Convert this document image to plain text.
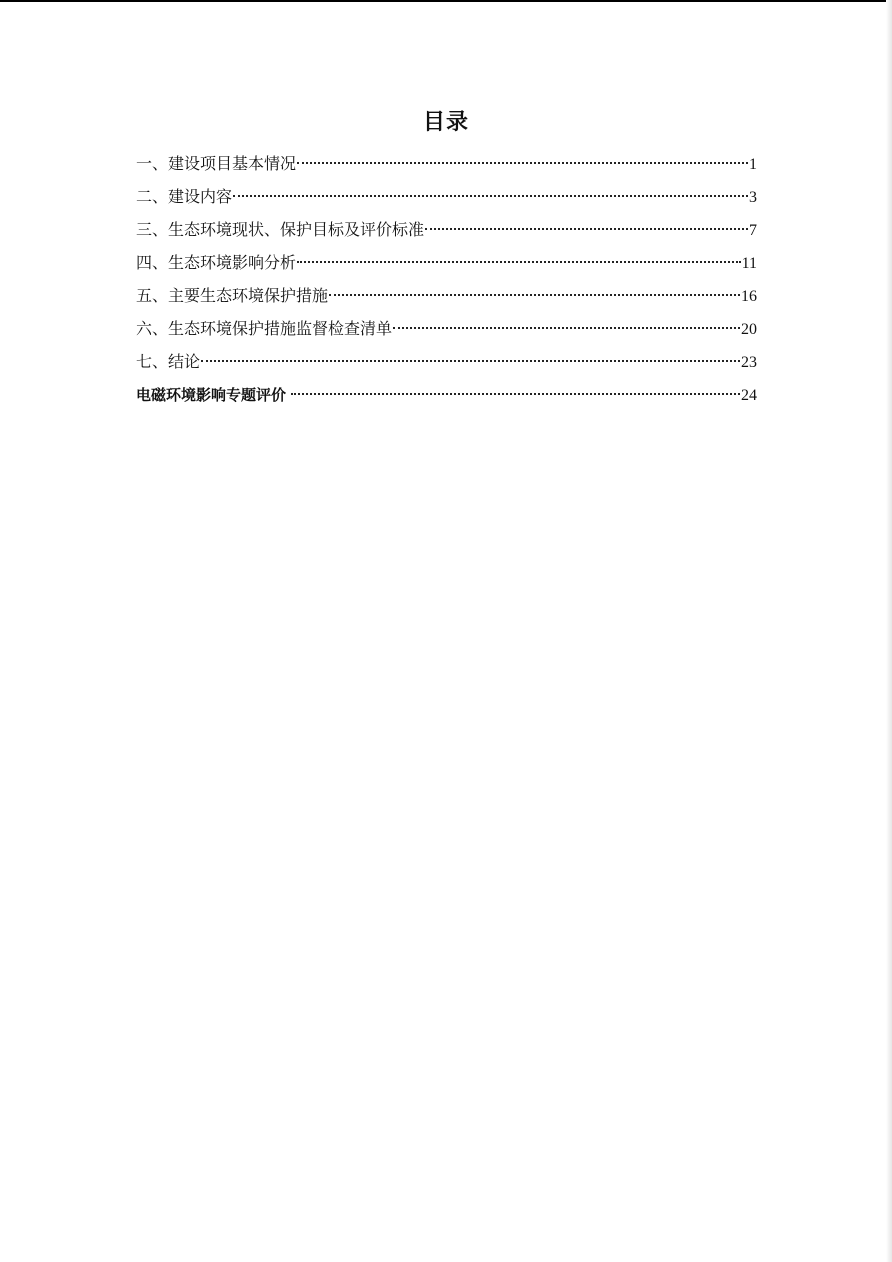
目录
一、建设项目基本情况	1
二、建设内容	3
三、生态环境现状、保护目标及评价标准	7
四、生态环境影响分析	11
五、主要生态环境保护措施	16
六、生态环境保护措施监督检查清单	20
七、结论	23
电磁环境影响专题评价	24
